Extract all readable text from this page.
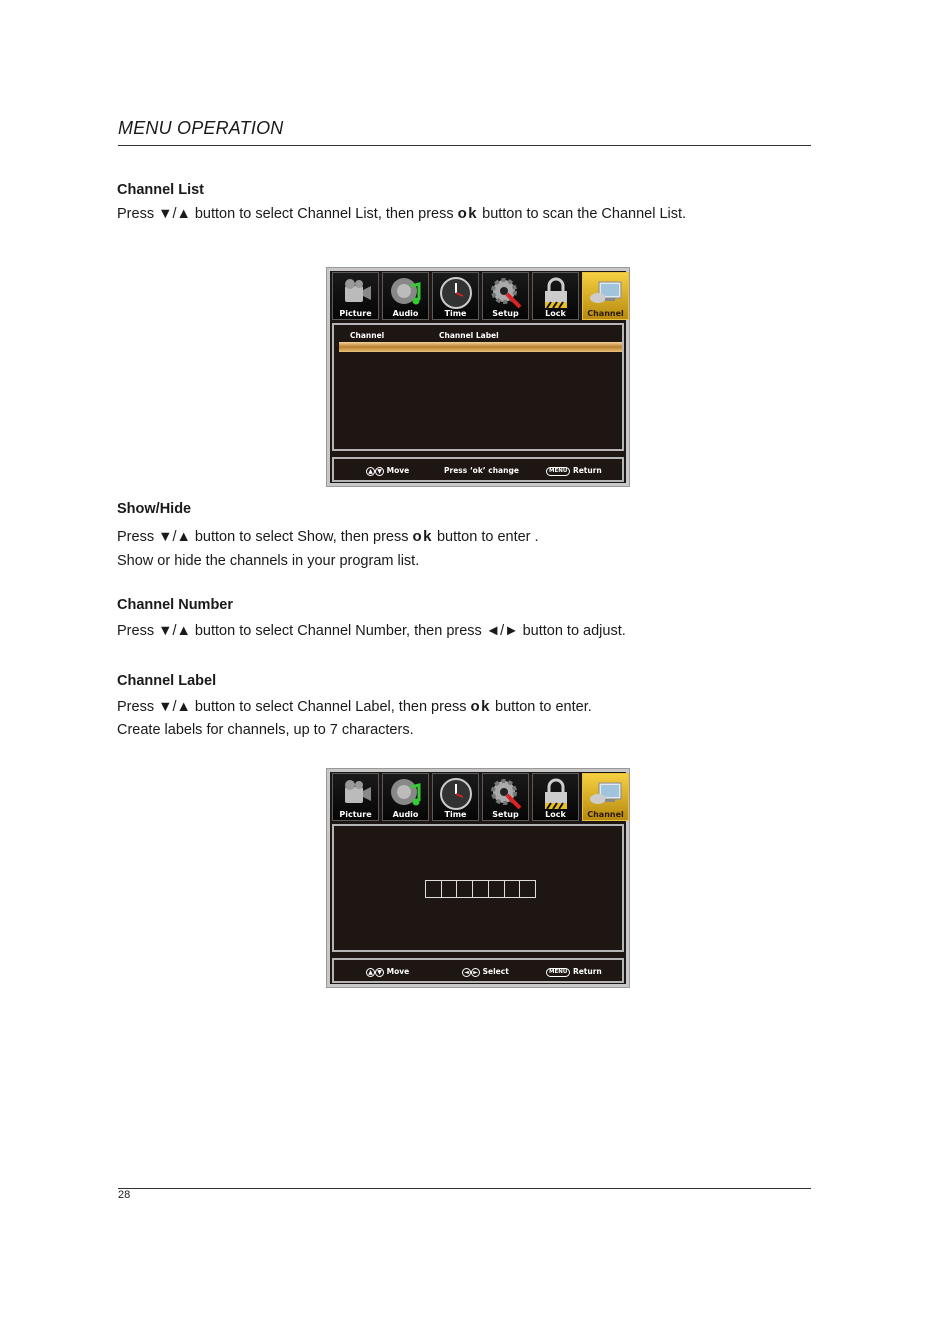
MENU OPERATION
Channel List
Press ▼/▲ button to select Channel List, then press ok button to scan the Channel List.
Picture	Audio	Time	Setup	Lock	Channel
Channel	Channel Label
▲ ▼ Move	Press ‘ok’ change	MENU Return
Show/Hide
Press ▼/▲ button to select Show, then press ok button to enter .
Show or hide the channels in your program list.
Channel Number
Press ▼/▲ button to select Channel Number, then press ◄/► button to adjust.
Channel Label
Press ▼/▲ button to select Channel Label, then press ok button to enter.
Create labels for channels, up to 7 characters.
Picture	Audio	Time	Setup	Lock	Channel
▲ ▼ Move	◄ ► Select	MENU Return
28
